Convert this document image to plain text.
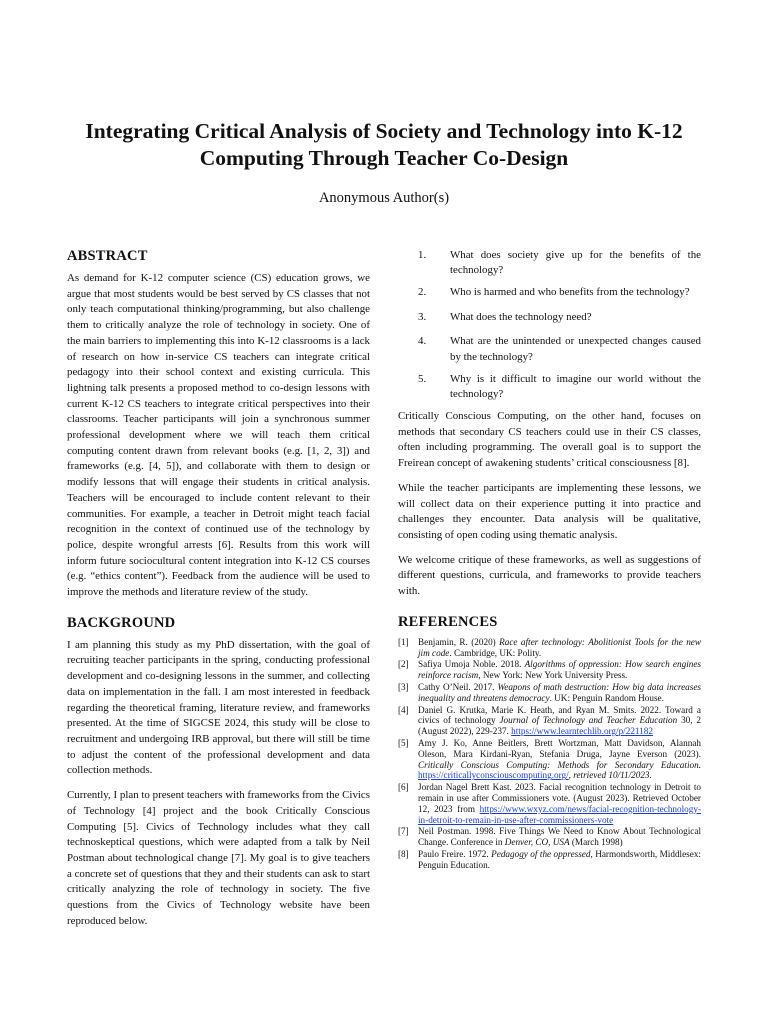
Integrating Critical Analysis of Society and Technology into K-12 Computing Through Teacher Co-Design
Anonymous Author(s)
ABSTRACT

As demand for K-12 computer science (CS) education grows, we argue that most students would be best served by CS classes that not only teach computational thinking/programming, but also challenge them to critically analyze the role of technology in society. One of the main barriers to implementing this into K-12 classrooms is a lack of research on how in-service CS teachers can integrate critical pedagogy into their school context and existing curricula. This lightning talk presents a proposed method to co-design lessons with current K-12 CS teachers to integrate critical perspectives into their classrooms. Teacher participants will join a synchronous summer professional development where we will teach them critical computing content drawn from relevant books (e.g. [1, 2, 3]) and frameworks (e.g. [4, 5]), and collaborate with them to design or modify lessons that will engage their students in critical analysis. Teachers will be encouraged to include content relevant to their communities. For example, a teacher in Detroit might teach facial recognition in the context of continued use of the technology by police, despite wrongful arrests [6]. Results from this work will inform future sociocultural content integration into K-12 CS courses (e.g. “ethics content”). Feedback from the audience will be used to improve the methods and literature review of the study.

BACKGROUND

I am planning this study as my PhD dissertation, with the goal of recruiting teacher participants in the spring, conducting professional development and co-designing lessons in the summer, and collecting data on implementation in the fall. I am most interested in feedback regarding the theoretical framing, literature review, and frameworks presented. At the time of SIGCSE 2024, this study will be close to recruitment and undergoing IRB approval, but there will still be time to adjust the content of the professional development and data collection methods.

Currently, I plan to present teachers with frameworks from the Civics of Technology [4] project and the book Critically Conscious Computing [5]. Civics of Technology includes what they call technoskeptical questions, which were adapted from a talk by Neil Postman about technological change [7]. My goal is to give teachers a concrete set of questions that they and their students can ask to start critically analyzing the role of technology in society. The five questions from the Civics of Technology website have been reproduced below.

1.	What does society give up for the benefits of the technology?
2.	Who is harmed and who benefits from the technology?
3.	What does the technology need?
4.	What are the unintended or unexpected changes caused by the technology?
5.	Why is it difficult to imagine our world without the technology?

Critically Conscious Computing, on the other hand, focuses on methods that secondary CS teachers could use in their CS classes, often including programming. The overall goal is to support the Freirean concept of awakening students’ critical consciousness [8].

While the teacher participants are implementing these lessons, we will collect data on their experience putting it into practice and challenges they encounter. Data analysis will be qualitative, consisting of open coding using thematic analysis.

We welcome critique of these frameworks, as well as suggestions of different questions, curricula, and frameworks to provide teachers with.

REFERENCES
[1]	Benjamin, R. (2020) Race after technology: Abolitionist Tools for the new jim code. Cambridge, UK: Polity.
[2]	Safiya Umoja Noble. 2018. Algorithms of oppression: How search engines reinforce racism, New York: New York University Press.
[3]	Cathy O’Neil. 2017. Weapons of math destruction: How big data increases inequality and threatens democracy. UK: Penguin Random House.
[4]	Daniel G. Krutka, Marie K. Heath, and Ryan M. Smits. 2022. Toward a civics of technology Journal of Technology and Teacher Education 30, 2 (August 2022), 229-237. https://www.learntechlib.org/p/221182
[5]	Amy J. Ko, Anne Beitlers, Brett Wortzman, Matt Davidson, Alannah Oleson, Mara Kirdani-Ryan, Stefania Druga, Jayne Everson (2023). Critically Conscious Computing: Methods for Secondary Education. https://criticallyconsciouscomputing.org/, retrieved 10/11/2023.
[6]	Jordan Nagel Brett Kast. 2023. Facial recognition technology in Detroit to remain in use after Commissioners vote. (August 2023). Retrieved October 12, 2023 from https://www.wxyz.com/news/facial-recognition-technology-in-detroit-to-remain-in-use-after-commissioners-vote
[7]	Neil Postman. 1998. Five Things We Need to Know About Technological Change. Conference in Denver, CO, USA (March 1998)
[8]	Paulo Freire. 1972. Pedagogy of the oppressed, Harmondsworth, Middlesex: Penguin Education.
